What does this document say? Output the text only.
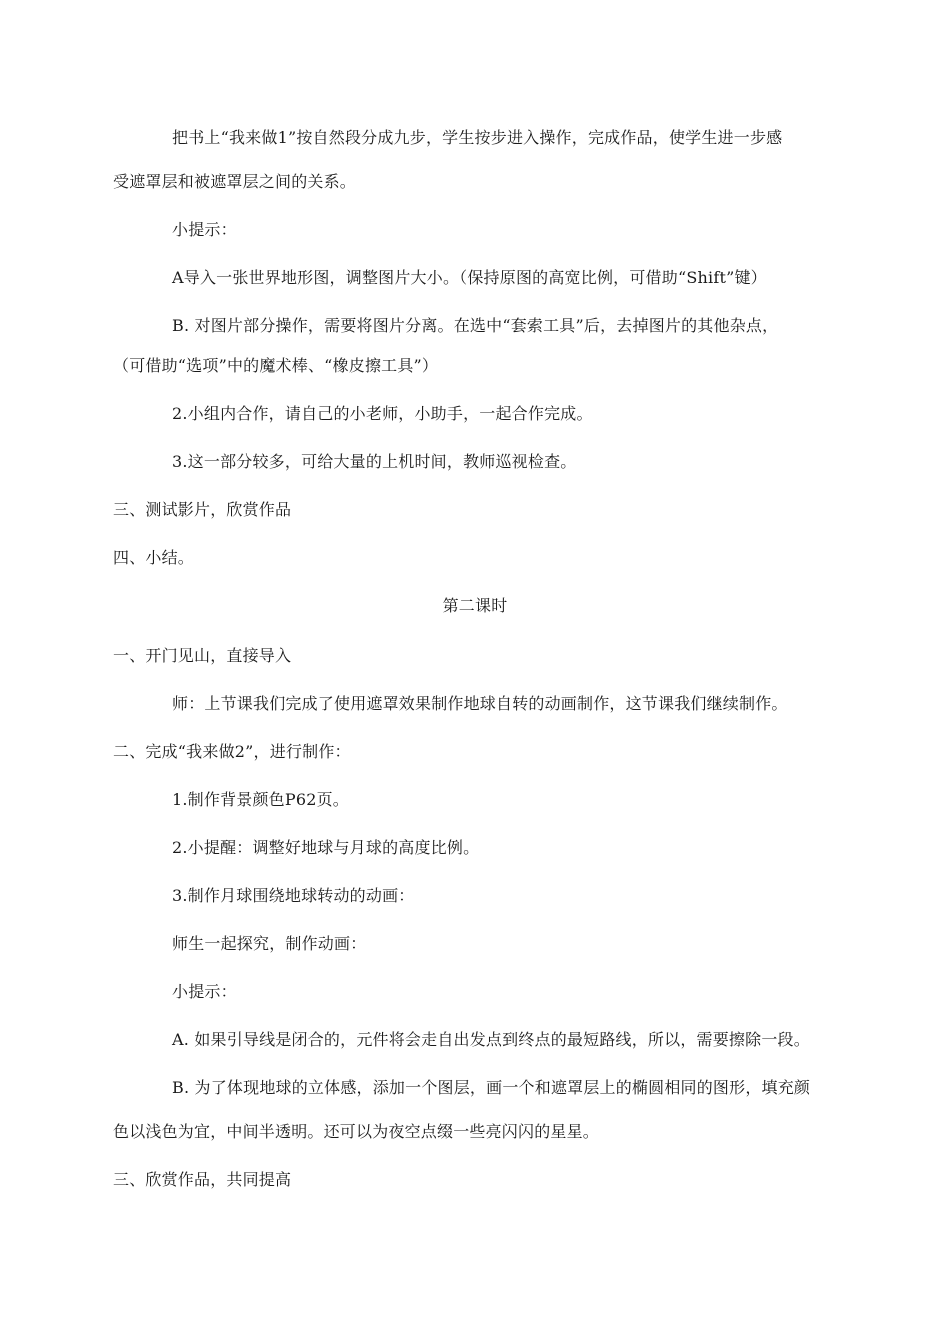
把书上“我来做1”按自然段分成九步，学生按步进入操作，完成作品，使学生进一步感
受遮罩层和被遮罩层之间的关系。
小提示：
A导入一张世界地形图，调整图片大小。（保持原图的高宽比例，可借助“Shift”键）
B. 对图片部分操作，需要将图片分离。在选中“套索工具”后，去掉图片的其他杂点，
（可借助“选项”中的魔术棒、“橡皮擦工具”）
2.小组内合作，请自己的小老师，小助手，一起合作完成。
3.这一部分较多，可给大量的上机时间，教师巡视检查。
三、测试影片，欣赏作品
四、小结。
第二课时
一、开门见山，直接导入
师：上节课我们完成了使用遮罩效果制作地球自转的动画制作，这节课我们继续制作。
二、完成“我来做2”，进行制作：
1.制作背景颜色P62页。
2.小提醒：调整好地球与月球的高度比例。
3.制作月球围绕地球转动的动画：
师生一起探究，制作动画：
小提示：
A. 如果引导线是闭合的，元件将会走自出发点到终点的最短路线，所以，需要擦除一段。
B. 为了体现地球的立体感，添加一个图层，画一个和遮罩层上的椭圆相同的图形，填充颜
色以浅色为宜，中间半透明。还可以为夜空点缀一些亮闪闪的星星。
三、欣赏作品，共同提高
